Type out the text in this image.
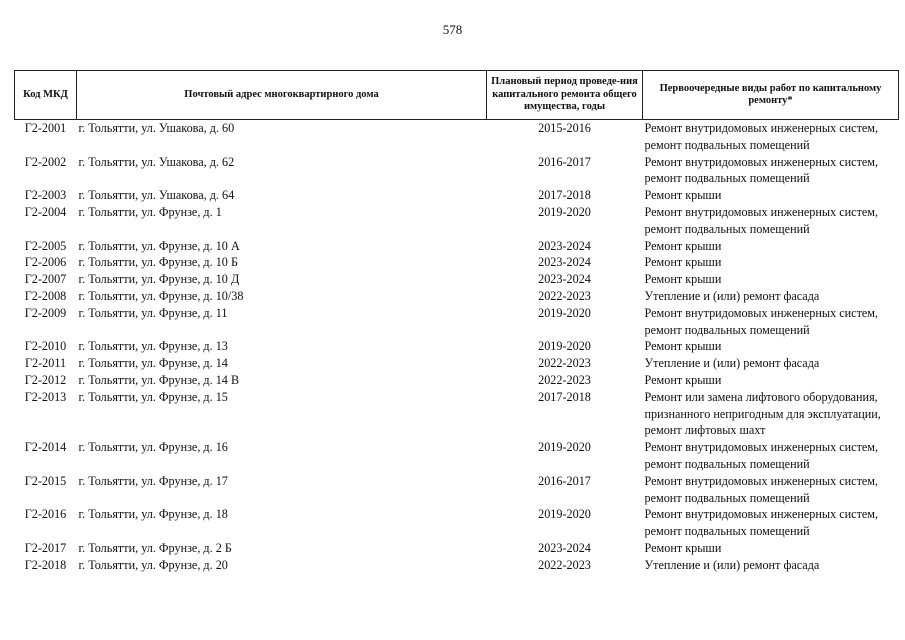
578
Код МКД	Почтовый адрес многоквартирного дома	Плановый период проведе-ния капитального ремонта общего имущества, годы	Первоочередные виды работ по капитальному ремонту*
Г2-2001	г. Тольятти, ул. Ушакова, д. 60	2015-2016	Ремонт внутридомовых инженерных систем,
ремонт подвальных помещений

Г2-2002	г. Тольятти, ул. Ушакова, д. 62	2016-2017	Ремонт внутридомовых инженерных систем,
ремонт подвальных помещений

Г2-2003	г. Тольятти, ул. Ушакова, д. 64	2017-2018	Ремонт крыши

Г2-2004	г. Тольятти, ул. Фрунзе, д. 1	2019-2020	Ремонт внутридомовых инженерных систем,
ремонт подвальных помещений

Г2-2005	г. Тольятти, ул. Фрунзе, д. 10 А	2023-2024	Ремонт крыши

Г2-2006	г. Тольятти, ул. Фрунзе, д. 10 Б	2023-2024	Ремонт крыши

Г2-2007	г. Тольятти, ул. Фрунзе, д. 10 Д	2023-2024	Ремонт крыши

Г2-2008	г. Тольятти, ул. Фрунзе, д. 10/38	2022-2023	Утепление и (или) ремонт фасада

Г2-2009	г. Тольятти, ул. Фрунзе, д. 11	2019-2020	Ремонт внутридомовых инженерных систем,
ремонт подвальных помещений

Г2-2010	г. Тольятти, ул. Фрунзе, д. 13	2019-2020	Ремонт крыши

Г2-2011	г. Тольятти, ул. Фрунзе, д. 14	2022-2023	Утепление и (или) ремонт фасада

Г2-2012	г. Тольятти, ул. Фрунзе, д. 14 В	2022-2023	Ремонт крыши

Г2-2013	г. Тольятти, ул. Фрунзе, д. 15	2017-2018	Ремонт или замена лифтового оборудования,
признанного непригодным для эксплуатации,
ремонт лифтовых шахт

Г2-2014	г. Тольятти, ул. Фрунзе, д. 16	2019-2020	Ремонт внутридомовых инженерных систем,
ремонт подвальных помещений

Г2-2015	г. Тольятти, ул. Фрунзе, д. 17	2016-2017	Ремонт внутридомовых инженерных систем,
ремонт подвальных помещений

Г2-2016	г. Тольятти, ул. Фрунзе, д. 18	2019-2020	Ремонт внутридомовых инженерных систем,
ремонт подвальных помещений

Г2-2017	г. Тольятти, ул. Фрунзе, д. 2 Б	2023-2024	Ремонт крыши

Г2-2018	г. Тольятти, ул. Фрунзе, д. 20	2022-2023	Утепление и (или) ремонт фасада
